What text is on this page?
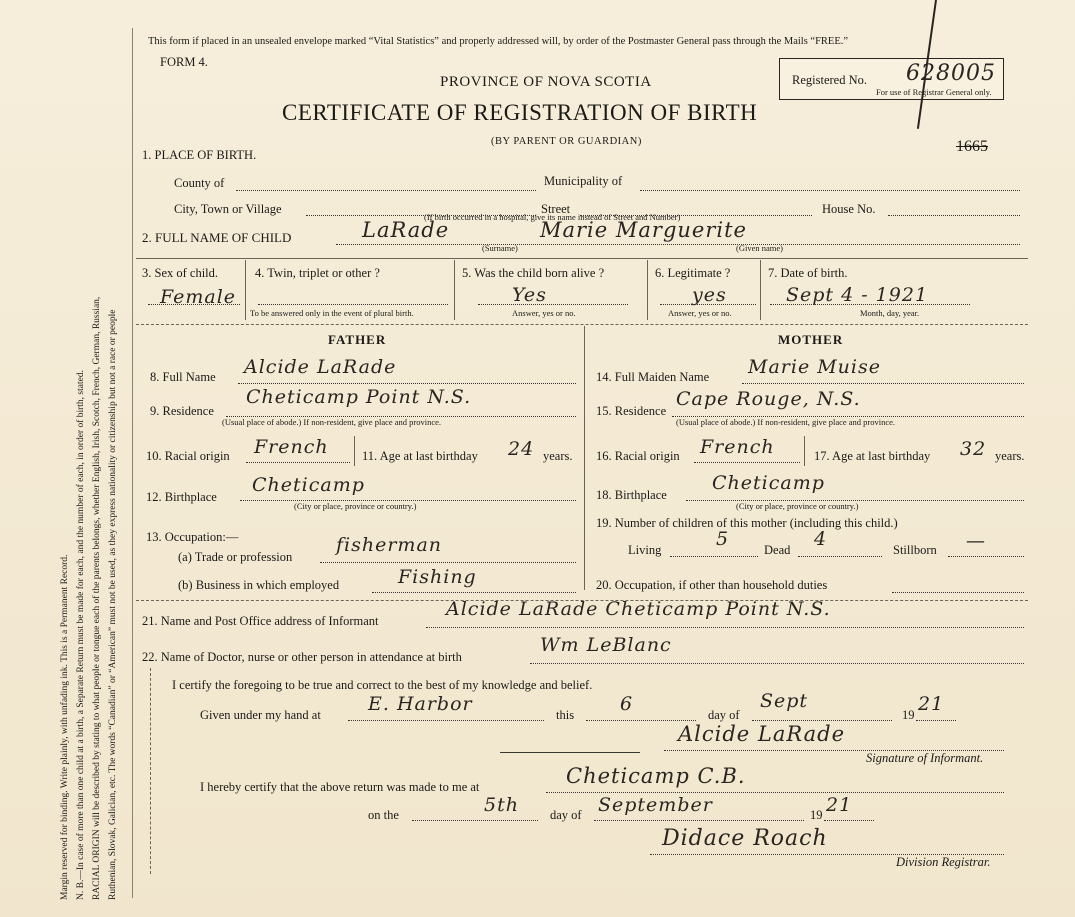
Margin reserved for binding. Write plainly, with unfading ink. This is a Permanent Record. N. B.—In case of more than one child at a birth, a Separate Return must be made for each, and the number of each, in order of birth, stated. RACIAL ORIGIN will be described by stating to what people or tongue each of the parents belongs, whether English, Irish, Scotch, French, German, Russian, Ruthenian, Slovak, Galician, etc. The words “Canadian” or “American” must not be used, as they express nationality or citizenship but not a race or people
This form if placed in an unsealed envelope marked “Vital Statistics” and properly addressed will, by order of the Postmaster General pass through the Mails “FREE.”
FORM 4.
PROVINCE OF NOVA SCOTIA
CERTIFICATE OF REGISTRATION OF BIRTH
(BY PARENT OR GUARDIAN)
Registered No. 628005
For use of Registrar General only.
1665
1. PLACE OF BIRTH.
County of	Municipality of
City, Town or Village	Street	House No.
(If birth occurred in a hospital, give its name instead of Street and Number)
2. FULL NAME OF CHILD	LaRade	Marie Marguerite
(Surname)	(Given name)
3. Sex of child.
Female
4. Twin, triplet or other ?
To be answered only in the event of plural birth.
5. Was the child born alive ?
Yes
Answer, yes or no.
6. Legitimate ?
yes
Answer, yes or no.
7. Date of birth.
Sept 4 - 1921
Month, day, year.
FATHER	MOTHER
8. Full Name Alcide LaRade
9. Residence
Cheticamp Point N.S.
(Usual place of abode.) If non-resident, give place and province.
10. Racial origin French	11. Age at last birthday 24 years.
12. Birthplace
Cheticamp
(City or place, province or country.)
13. Occupation:—
(a) Trade or profession
fisherman
(b) Business in which employed	Fishing
14. Full Maiden Name Marie Muise
15. Residence
Cape Rouge, N.S.
(Usual place of abode.) If non-resident, give place and province.
16. Racial origin French	17. Age at last birthday 32 years.
18. Birthplace
Cheticamp
(City or place, province or country.)
19. Number of children of this mother (including this child.)
Living	5	Dead 4	Stillborn —
20. Occupation, if other than household duties
21. Name and Post Office address of Informant
Alcide LaRade Cheticamp Point N.S.
22. Name of Doctor, nurse or other person in attendance at birth
Wm LeBlanc
I certify the foregoing to be true and correct to the best of my knowledge and belief.
Given under my hand at E. Harbor	this 6	day of
Sept
19 21
Alcide LaRade
Signature of Informant.
I hereby certify that the above return was made to me at	Cheticamp C.B.
on the	5th day of September	19 21
Didace Roach
Division Registrar.
